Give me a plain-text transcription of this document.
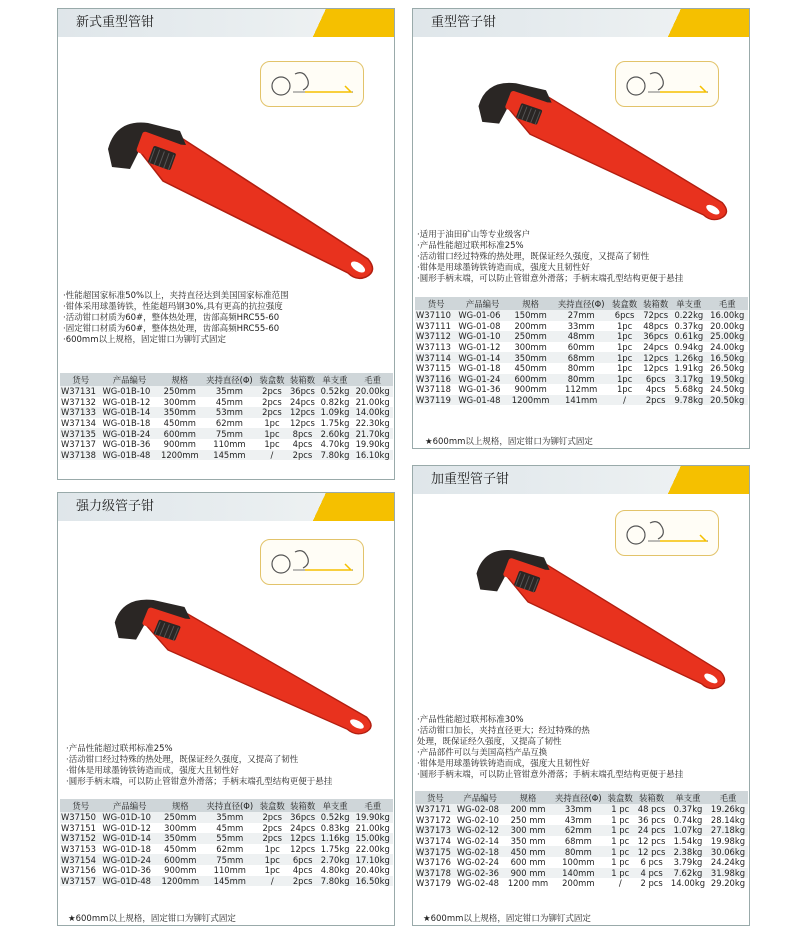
新式重型管钳
·性能超国家标准50%以上，夹持直径达到美国国家标准范围
·钳体采用球墨铸铁，性能超玛钢30%,具有更高的抗拉强度
·活动钳口材质为60#，整体热处理，齿部高频HRC55-60
·固定钳口材质为60#，整体热处理，齿部高频HRC55-60
·600mm以上规格，固定钳口为铆钉式固定
货号	产品编号	规格	夹持直径(Φ)	装盒数	装箱数	单支重	毛重
W37131	WG-01B-10	250mm	35mm	2pcs	36pcs	0.52kg	20.00kg
W37132	WG-01B-12	300mm	45mm	2pcs	24pcs	0.82kg	21.00kg
W37133	WG-01B-14	350mm	53mm	2pcs	12pcs	1.09kg	14.00kg
W37134	WG-01B-18	450mm	62mm	1pc	12pcs	1.75kg	22.30kg
W37135	WG-01B-24	600mm	75mm	1pc	8pcs	2.60kg	21.70kg
W37137	WG-01B-36	900mm	110mm	1pc	4pcs	4.70kg	19.90kg
W37138	WG-01B-48	1200mm	145mm	/	2pcs	7.80kg	16.10kg
重型管子钳
·适用于油田矿山等专业级客户
·产品性能超过联邦标准25%
·活动钳口经过特殊的热处理，既保证经久强度，又提高了韧性
·钳体是用球墨铸铁铸造而成，强度大且韧性好
·圆形手柄末端，可以防止管钳意外滑落；手柄末端孔型结构更便于悬挂
货号	产品编号	规格	夹持直径(Φ)	装盒数	装箱数	单支重	毛重
W37110	WG-01-06	150mm	27mm	6pcs	72pcs	0.22kg	16.00kg
W37111	WG-01-08	200mm	33mm	1pc	48pcs	0.37kg	20.00kg
W37112	WG-01-10	250mm	48mm	1pc	36pcs	0.61kg	25.00kg
W37113	WG-01-12	300mm	60mm	1pc	24pcs	0.94kg	24.00kg
W37114	WG-01-14	350mm	68mm	1pc	12pcs	1.26kg	16.50kg
W37115	WG-01-18	450mm	80mm	1pc	12pcs	1.91kg	26.50kg
W37116	WG-01-24	600mm	80mm	1pc	6pcs	3.17kg	19.50kg
W37118	WG-01-36	900mm	112mm	1pc	4pcs	5.68kg	24.50kg
W37119	WG-01-48	1200mm	141mm	/	2pcs	9.78kg	20.50kg
★600mm以上规格，固定钳口为铆钉式固定
强力级管子钳
·产品性能超过联邦标准25%
·活动钳口经过特殊的热处理，既保证经久强度，又提高了韧性
·钳体是用球墨铸铁铸造而成，强度大且韧性好
·圆形手柄末端，可以防止管钳意外滑落；手柄末端孔型结构更便于悬挂
货号	产品编号	规格	夹持直径(Φ)	装盒数	装箱数	单支重	毛重
W37150	WG-01D-10	250mm	35mm	2pcs	36pcs	0.52kg	19.90kg
W37151	WG-01D-12	300mm	45mm	2pcs	24pcs	0.83kg	21.00kg
W37152	WG-01D-14	350mm	55mm	2pcs	12pcs	1.16kg	15.00kg
W37153	WG-01D-18	450mm	62mm	1pc	12pcs	1.75kg	22.00kg
W37154	WG-01D-24	600mm	75mm	1pc	6pcs	2.70kg	17.10kg
W37156	WG-01D-36	900mm	110mm	1pc	4pcs	4.80kg	20.40kg
W37157	WG-01D-48	1200mm	145mm	/	2pcs	7.80kg	16.50kg
★600mm以上规格，固定钳口为铆钉式固定
加重型管子钳
·产品性能超过联邦标准30%
·活动钳口加长，夹持直径更大；经过特殊的热
处理，既保证经久强度，又提高了韧性
·产品部件可以与美国高档产品互换
·钳体是用球墨铸铁铸造而成，强度大且韧性好
·圆形手柄末端，可以防止管钳意外滑落；手柄末端孔型结构更便于悬挂
货号	产品编号	规格	夹持直径(Φ)	装盒数	装箱数	单支重	毛重
W37171	WG-02-08	200 mm	33mm	1 pc	48 pcs	0.37kg	19.26kg
W37172	WG-02-10	250 mm	43mm	1 pc	36 pcs	0.74kg	28.14kg
W37173	WG-02-12	300 mm	62mm	1 pc	24 pcs	1.07kg	27.18kg
W37174	WG-02-14	350 mm	68mm	1 pc	12 pcs	1.54kg	19.98kg
W37175	WG-02-18	450 mm	80mm	1 pc	12 pcs	2.38kg	30.06kg
W37176	WG-02-24	600 mm	100mm	1 pc	6 pcs	3.79kg	24.24kg
W37178	WG-02-36	900 mm	140mm	1 pc	4 pcs	7.62kg	31.98kg
W37179	WG-02-48	1200 mm	200mm	/	2 pcs	14.00kg	29.20kg
★600mm以上规格，固定钳口为铆钉式固定
